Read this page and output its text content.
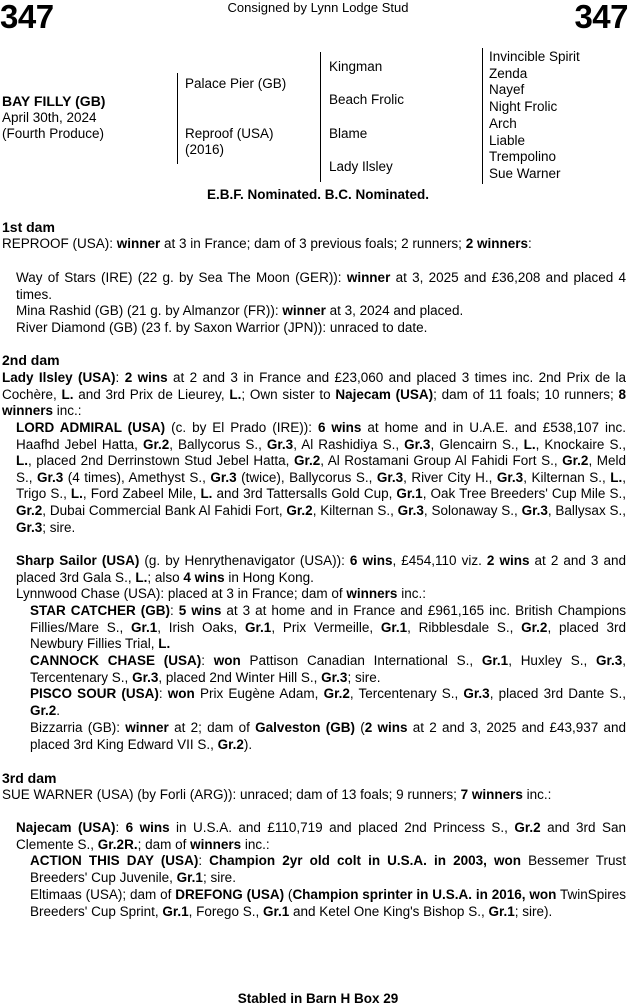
347	Consigned by Lynn Lodge Stud	347
BAY FILLY (GB)
April 30th, 2024
(Fourth Produce)
Palace Pier (GB)
Reproof (USA)
(2016)
Kingman
Beach Frolic
Blame
Lady Ilsley
Invincible Spirit
Zenda
Nayef
Night Frolic
Arch
Liable
Trempolino
Sue Warner
E.B.F. Nominated. B.C. Nominated.
1st dam
REPROOF (USA): winner at 3 in France; dam of 3 previous foals; 2 runners; 2 winners:
Way of Stars (IRE) (22 g. by Sea The Moon (GER)): winner at 3, 2025 and £36,208 and placed 4 times.
Mina Rashid (GB) (21 g. by Almanzor (FR)): winner at 3, 2024 and placed.
River Diamond (GB) (23 f. by Saxon Warrior (JPN)): unraced to date.
2nd dam
Lady Ilsley (USA): 2 wins at 2 and 3 in France and £23,060 and placed 3 times inc. 2nd Prix de la Cochère, L. and 3rd Prix de Lieurey, L.; Own sister to Najecam (USA); dam of 11 foals; 10 runners; 8 winners inc.:
LORD ADMIRAL (USA) (c. by El Prado (IRE)): 6 wins at home and in U.A.E. and £538,107 inc. Haafhd Jebel Hatta, Gr.2, Ballycorus S., Gr.3, Al Rashidiya S., Gr.3, Glencairn S., L., Knockaire S., L., placed 2nd Derrinstown Stud Jebel Hatta, Gr.2, Al Rostamani Group Al Fahidi Fort S., Gr.2, Meld S., Gr.3 (4 times), Amethyst S., Gr.3 (twice), Ballycorus S., Gr.3, River City H., Gr.3, Kilternan S., L., Trigo S., L., Ford Zabeel Mile, L. and 3rd Tattersalls Gold Cup, Gr.1, Oak Tree Breeders' Cup Mile S., Gr.2, Dubai Commercial Bank Al Fahidi Fort, Gr.2, Kilternan S., Gr.3, Solonaway S., Gr.3, Ballysax S., Gr.3; sire.
Sharp Sailor (USA) (g. by Henrythenavigator (USA)): 6 wins, £454,110 viz. 2 wins at 2 and 3 and placed 3rd Gala S., L.; also 4 wins in Hong Kong.
Lynnwood Chase (USA): placed at 3 in France; dam of winners inc.:
STAR CATCHER (GB): 5 wins at 3 at home and in France and £961,165 inc. British Champions Fillies/Mare S., Gr.1, Irish Oaks, Gr.1, Prix Vermeille, Gr.1, Ribblesdale S., Gr.2, placed 3rd Newbury Fillies Trial, L.
CANNOCK CHASE (USA): won Pattison Canadian International S., Gr.1, Huxley S., Gr.3, Tercentenary S., Gr.3, placed 2nd Winter Hill S., Gr.3; sire.
PISCO SOUR (USA): won Prix Eugène Adam, Gr.2, Tercentenary S., Gr.3, placed 3rd Dante S., Gr.2.
Bizzarria (GB): winner at 2; dam of Galveston (GB) (2 wins at 2 and 3, 2025 and £43,937 and placed 3rd King Edward VII S., Gr.2).
3rd dam
SUE WARNER (USA) (by Forli (ARG)): unraced; dam of 13 foals; 9 runners; 7 winners inc.:
Najecam (USA): 6 wins in U.S.A. and £110,719 and placed 2nd Princess S., Gr.2 and 3rd San Clemente S., Gr.2R.; dam of winners inc.:
ACTION THIS DAY (USA): Champion 2yr old colt in U.S.A. in 2003, won Bessemer Trust Breeders' Cup Juvenile, Gr.1; sire.
Eltimaas (USA); dam of DREFONG (USA) (Champion sprinter in U.S.A. in 2016, won TwinSpires Breeders' Cup Sprint, Gr.1, Forego S., Gr.1 and Ketel One King's Bishop S., Gr.1; sire).
Stabled in Barn H Box 29
